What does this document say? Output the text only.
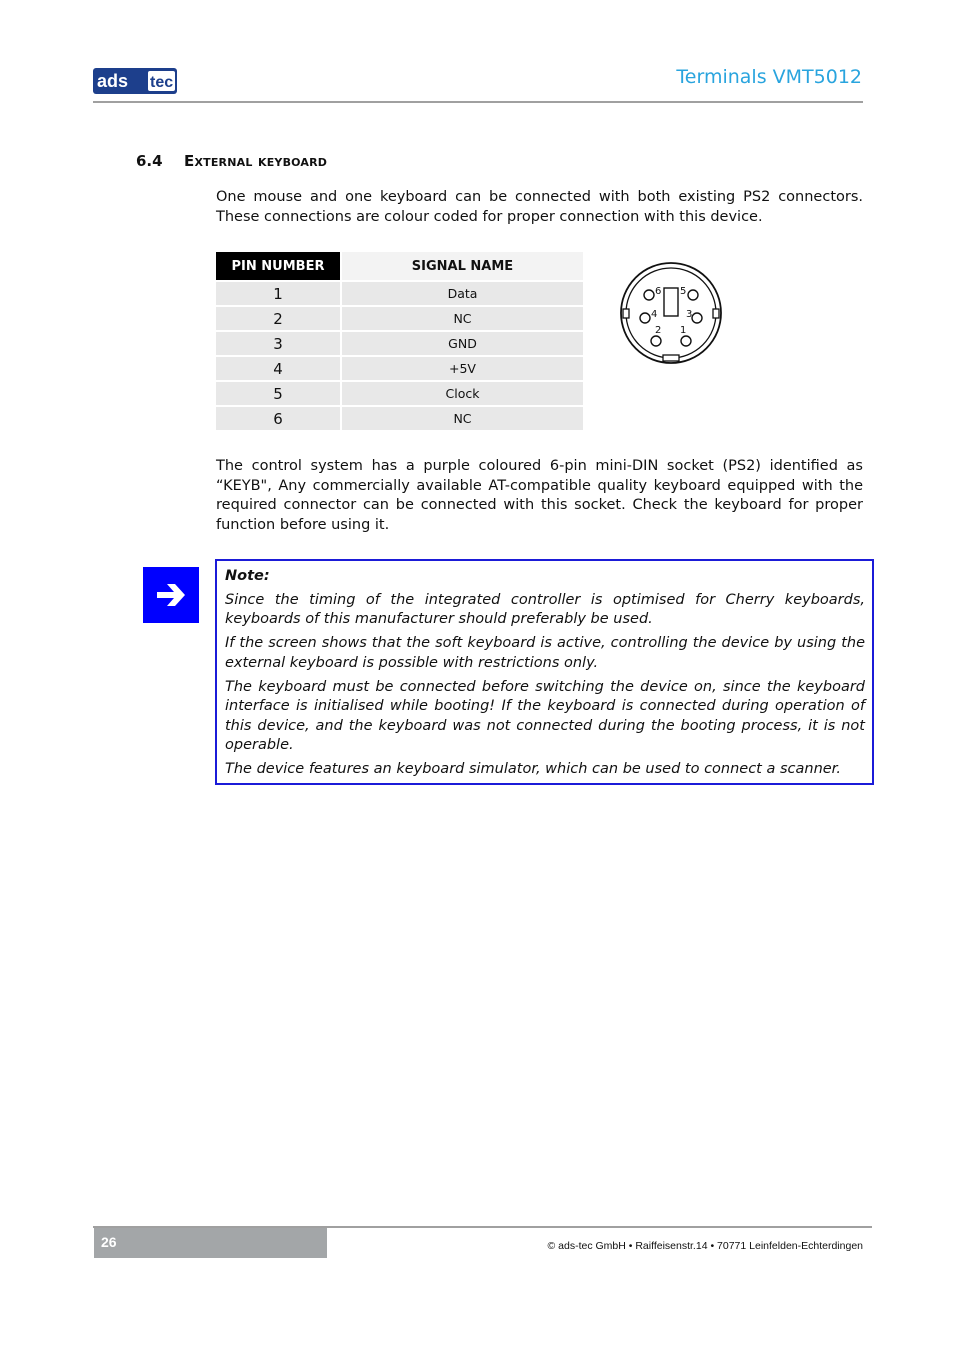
ads tec	Terminals VMT5012
6.4 External keyboard
One mouse and one keyboard can be connected with both existing PS2 connectors. These connections are colour coded for proper connection with this device.
PIN NUMBER	SIGNAL NAME
1	Data
2	NC
3	GND
4	+5V
5	Clock
6	NC
6 5
4	3
2 1
The control system has a purple coloured 6-pin mini-DIN socket (PS2) identified as “KEYB", Any commercially available AT-compatible quality keyboard equipped with the required connector can be connected with this socket. Check the keyboard for proper function before using it.
Note:

Since the timing of the integrated controller is optimised for Cherry keyboards, keyboards of this manufacturer should preferably be used.

If the screen shows that the soft keyboard is active, controlling the device by using the external keyboard is possible with restrictions only.

The keyboard must be connected before switching the device on, since the keyboard interface is initialised while booting! If the keyboard is connected during operation of this device, and the keyboard was not connected during the booting process, it is not operable.

The device features an keyboard simulator, which can be used to connect a scanner.

26	© ads-tec GmbH • Raiffeisenstr.14 • 70771 Leinfelden-Echterdingen
